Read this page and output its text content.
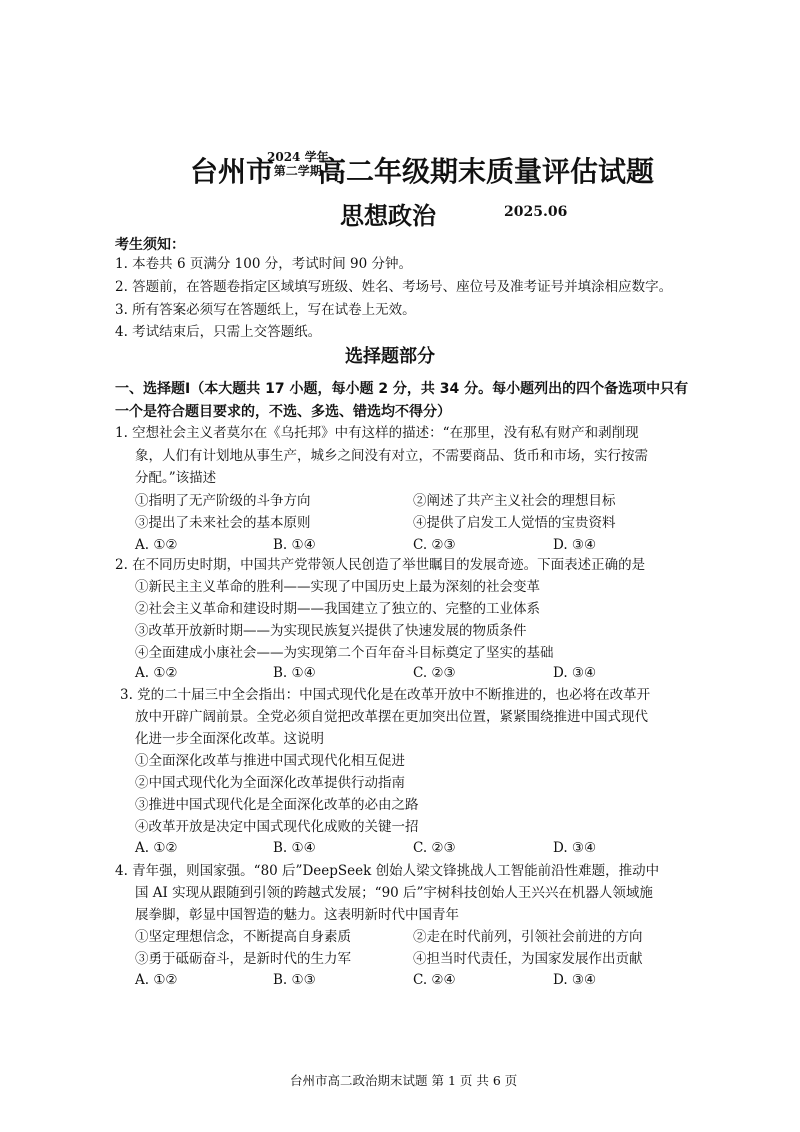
台州市
2024 学年
第二学期
高二年级期末质量评估试题
思想政治	2025.06
考生须知：
1. 本卷共 6 页满分 100 分，考试时间 90 分钟。
2. 答题前，在答题卷指定区域填写班级、姓名、考场号、座位号及准考证号并填涂相应数字。
3. 所有答案必须写在答题纸上，写在试卷上无效。
4. 考试结束后，只需上交答题纸。
选择题部分
一、选择题Ⅰ（本大题共 17 小题，每小题 2 分，共 34 分。每小题列出的四个备选项中只有
一个是符合题目要求的，不选、多选、错选均不得分）
1. 空想社会主义者莫尔在《乌托邦》中有这样的描述：“在那里，没有私有财产和剥削现
象，人们有计划地从事生产，城乡之间没有对立，不需要商品、货币和市场，实行按需
分配。”该描述
①指明了无产阶级的斗争方向	②阐述了共产主义社会的理想目标
③提出了未来社会的基本原则	④提供了启发工人觉悟的宝贵资料
A. ①②	B. ①④	C. ②③	D. ③④
2. 在不同历史时期，中国共产党带领人民创造了举世瞩目的发展奇迹。下面表述正确的是
①新民主主义革命的胜利——实现了中国历史上最为深刻的社会变革
②社会主义革命和建设时期——我国建立了独立的、完整的工业体系
③改革开放新时期——为实现民族复兴提供了快速发展的物质条件
④全面建成小康社会——为实现第二个百年奋斗目标奠定了坚实的基础
A. ①②	B. ①④	C. ②③	D. ③④
3. 党的二十届三中全会指出：中国式现代化是在改革开放中不断推进的，也必将在改革开
放中开辟广阔前景。全党必须自觉把改革摆在更加突出位置，紧紧围绕推进中国式现代
化进一步全面深化改革。这说明
①全面深化改革与推进中国式现代化相互促进
②中国式现代化为全面深化改革提供行动指南
③推进中国式现代化是全面深化改革的必由之路
④改革开放是决定中国式现代化成败的关键一招
A. ①②	B. ①④	C. ②③	D. ③④
4. 青年强，则国家强。“80 后”DeepSeek 创始人梁文锋挑战人工智能前沿性难题，推动中
国 AI 实现从跟随到引领的跨越式发展；“90 后”宇树科技创始人王兴兴在机器人领域施
展拳脚，彰显中国智造的魅力。这表明新时代中国青年
①坚定理想信念，不断提高自身素质	②走在时代前列，引领社会前进的方向
③勇于砥砺奋斗，是新时代的生力军	④担当时代责任，为国家发展作出贡献
A. ①②	B. ①③	C. ②④	D. ③④
台州市高二政治期末试题 第 1 页 共 6 页
